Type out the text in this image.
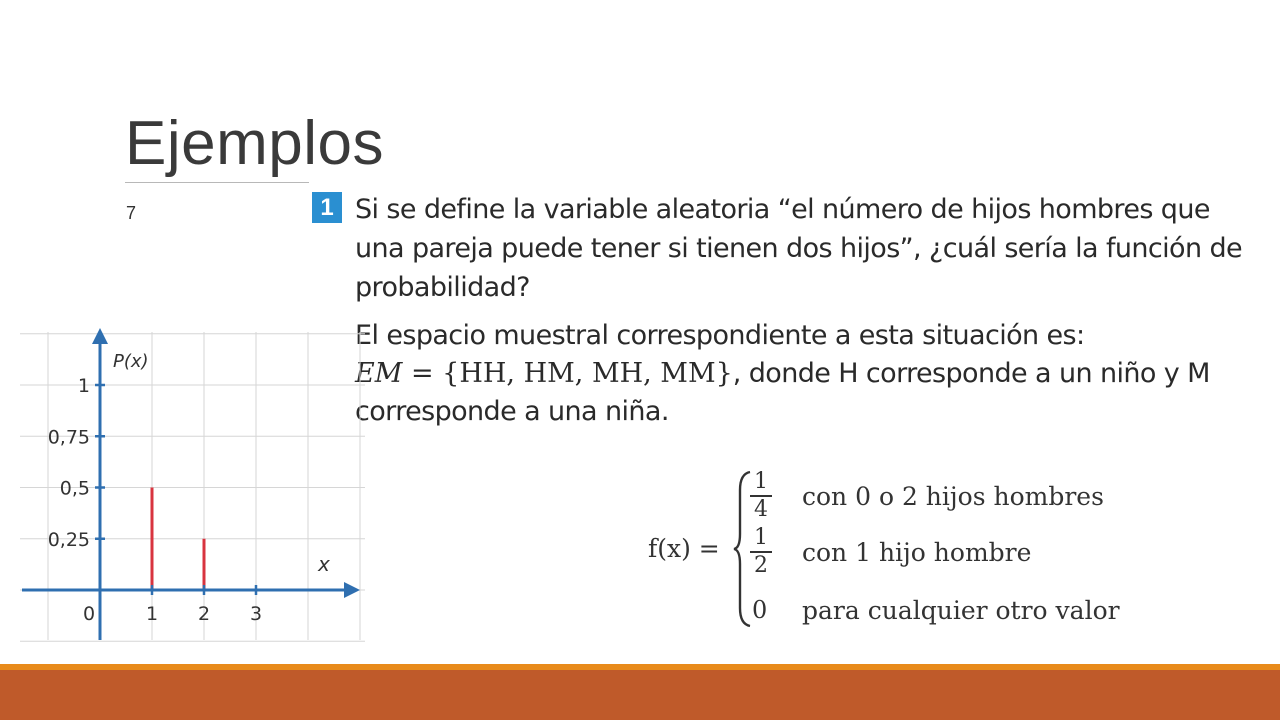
Ejemplos
7	1 Si se define la variable aleatoria “el número de hijos hombres que una pareja puede tener si tienen dos hijos”, ¿cuál sería la función de probabilidad?
El espacio muestral correspondiente a esta situación es:
EM = {HH, HM, MH, MM}, donde H corresponde a un niño y M corresponde a una niña.
0,25
0,5
0,75
1
0	1 2 3
P(x)
x
f(x) =
1
4 con 0 o 2 hijos hombres
1
2 con 1 hijo hombre
0 para cualquier otro valor
